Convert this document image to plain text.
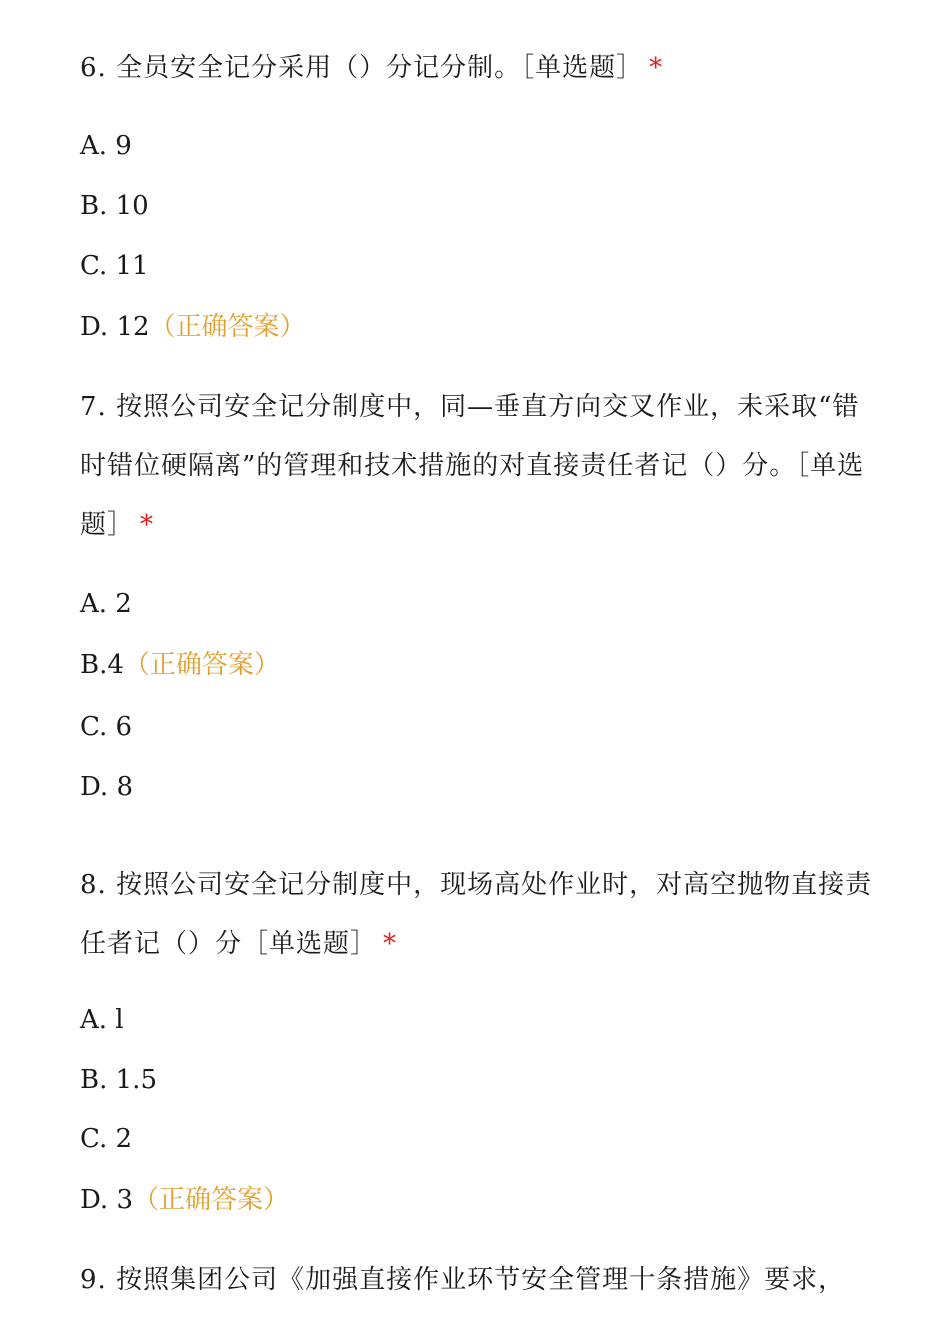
6. 全员安全记分采用（）分记分制。［单选题］ *
A. 9
B. 10
C. 11
D. 12（正确答案）
7. 按照公司安全记分制度中，同—垂直方向交叉作业，未采取“错时错位硬隔离”的管理和技术措施的对直接责任者记（）分。［单选题］ *
A. 2
B.4（正确答案）
C. 6
D. 8
8. 按照公司安全记分制度中，现场高处作业时，对高空抛物直接责任者记（）分［单选题］ *
A. l
B. 1.5
C. 2
D. 3（正确答案）
9. 按照集团公司《加强直接作业环节安全管理十条措施》要求，
